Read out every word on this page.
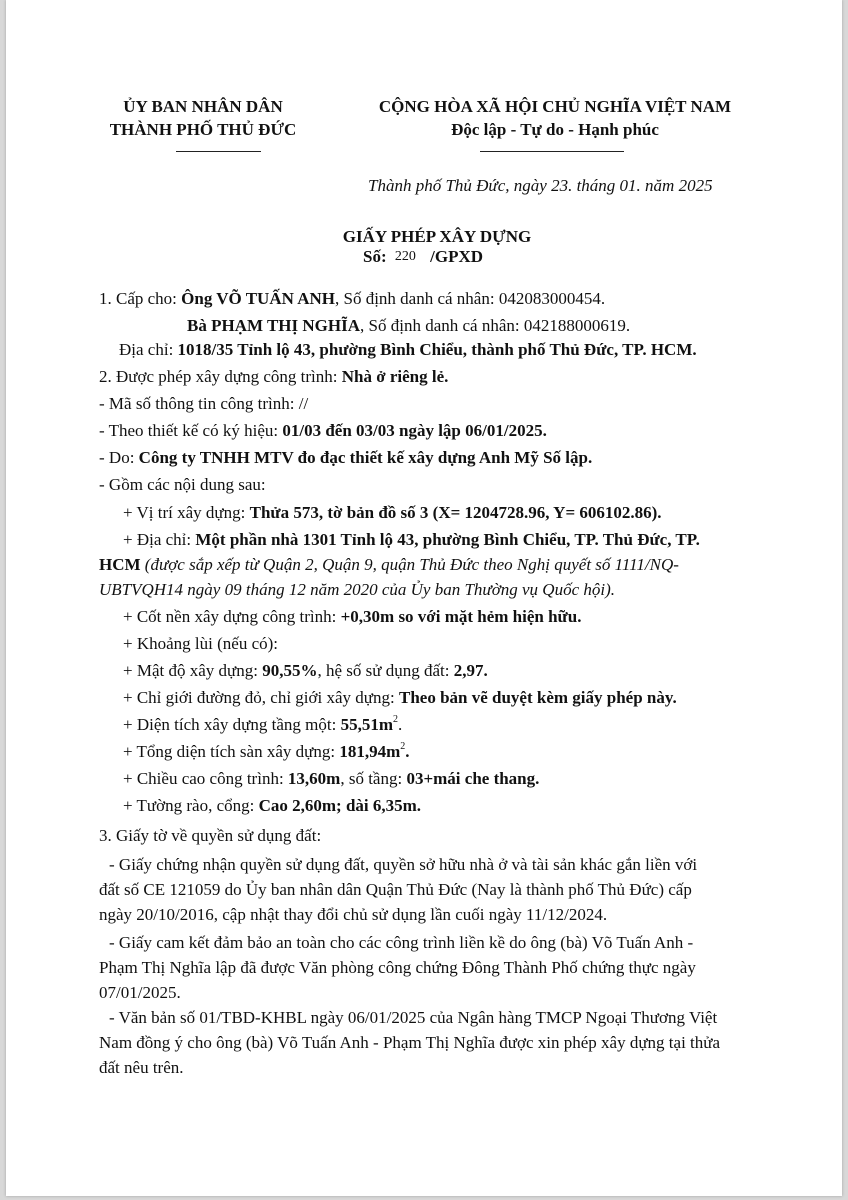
ỦY BAN NHÂN DÂN
THÀNH PHỐ THỦ ĐỨC
CỘNG HÒA XÃ HỘI CHỦ NGHĨA VIỆT NAM
Độc lập - Tự do - Hạnh phúc
Thành phố Thủ Đức, ngày 23. tháng 01. năm 2025
GIẤY PHÉP XÂY DỰNG
Số: 220 /GPXD
1. Cấp cho: Ông VÕ TUẤN ANH, Số định danh cá nhân: 042083000454.
Bà PHẠM THỊ NGHĨA, Số định danh cá nhân: 042188000619.
Địa chỉ: 1018/35 Tỉnh lộ 43, phường Bình Chiểu, thành phố Thủ Đức, TP. HCM.
2. Được phép xây dựng công trình: Nhà ở riêng lẻ.
- Mã số thông tin công trình: //
- Theo thiết kế có ký hiệu: 01/03 đến 03/03 ngày lập 06/01/2025.
- Do: Công ty TNHH MTV đo đạc thiết kế xây dựng Anh Mỹ Số lập.
- Gồm các nội dung sau:
+ Vị trí xây dựng: Thửa 573, tờ bản đồ số 3 (X= 1204728.96, Y= 606102.86).
+ Địa chỉ: Một phần nhà 1301 Tỉnh lộ 43, phường Bình Chiểu, TP. Thủ Đức, TP.
HCM (được sắp xếp từ Quận 2, Quận 9, quận Thủ Đức theo Nghị quyết số 1111/NQ-
UBTVQH14 ngày 09 tháng 12 năm 2020 của Ủy ban Thường vụ Quốc hội).
+ Cốt nền xây dựng công trình: +0,30m so với mặt hẻm hiện hữu.
+ Khoảng lùi (nếu có):
+ Mật độ xây dựng: 90,55%, hệ số sử dụng đất: 2,97.
+ Chỉ giới đường đỏ, chỉ giới xây dựng: Theo bản vẽ duyệt kèm giấy phép này.
+ Diện tích xây dựng tầng một: $55,51m^2$.
+ Tổng diện tích sàn xây dựng: $181,94m^2$.
+ Chiều cao công trình: 13,60m, số tầng: 03+mái che thang.
+ Tường rào, cổng: Cao 2,60m; dài 6,35m.
3. Giấy tờ về quyền sử dụng đất:
- Giấy chứng nhận quyền sử dụng đất, quyền sở hữu nhà ở và tài sản khác gắn liền với
đất số CE 121059 do Ủy ban nhân dân Quận Thủ Đức (Nay là thành phố Thủ Đức) cấp
ngày 20/10/2016, cập nhật thay đổi chủ sử dụng lần cuối ngày 11/12/2024.
- Giấy cam kết đảm bảo an toàn cho các công trình liền kề do ông (bà) Võ Tuấn Anh -
Phạm Thị Nghĩa lập đã được Văn phòng công chứng Đông Thành Phố chứng thực ngày
07/01/2025.
- Văn bản số 01/TBD-KHBL ngày 06/01/2025 của Ngân hàng TMCP Ngoại Thương Việt
Nam đồng ý cho ông (bà) Võ Tuấn Anh - Phạm Thị Nghĩa được xin phép xây dựng tại thửa
đất nêu trên.
